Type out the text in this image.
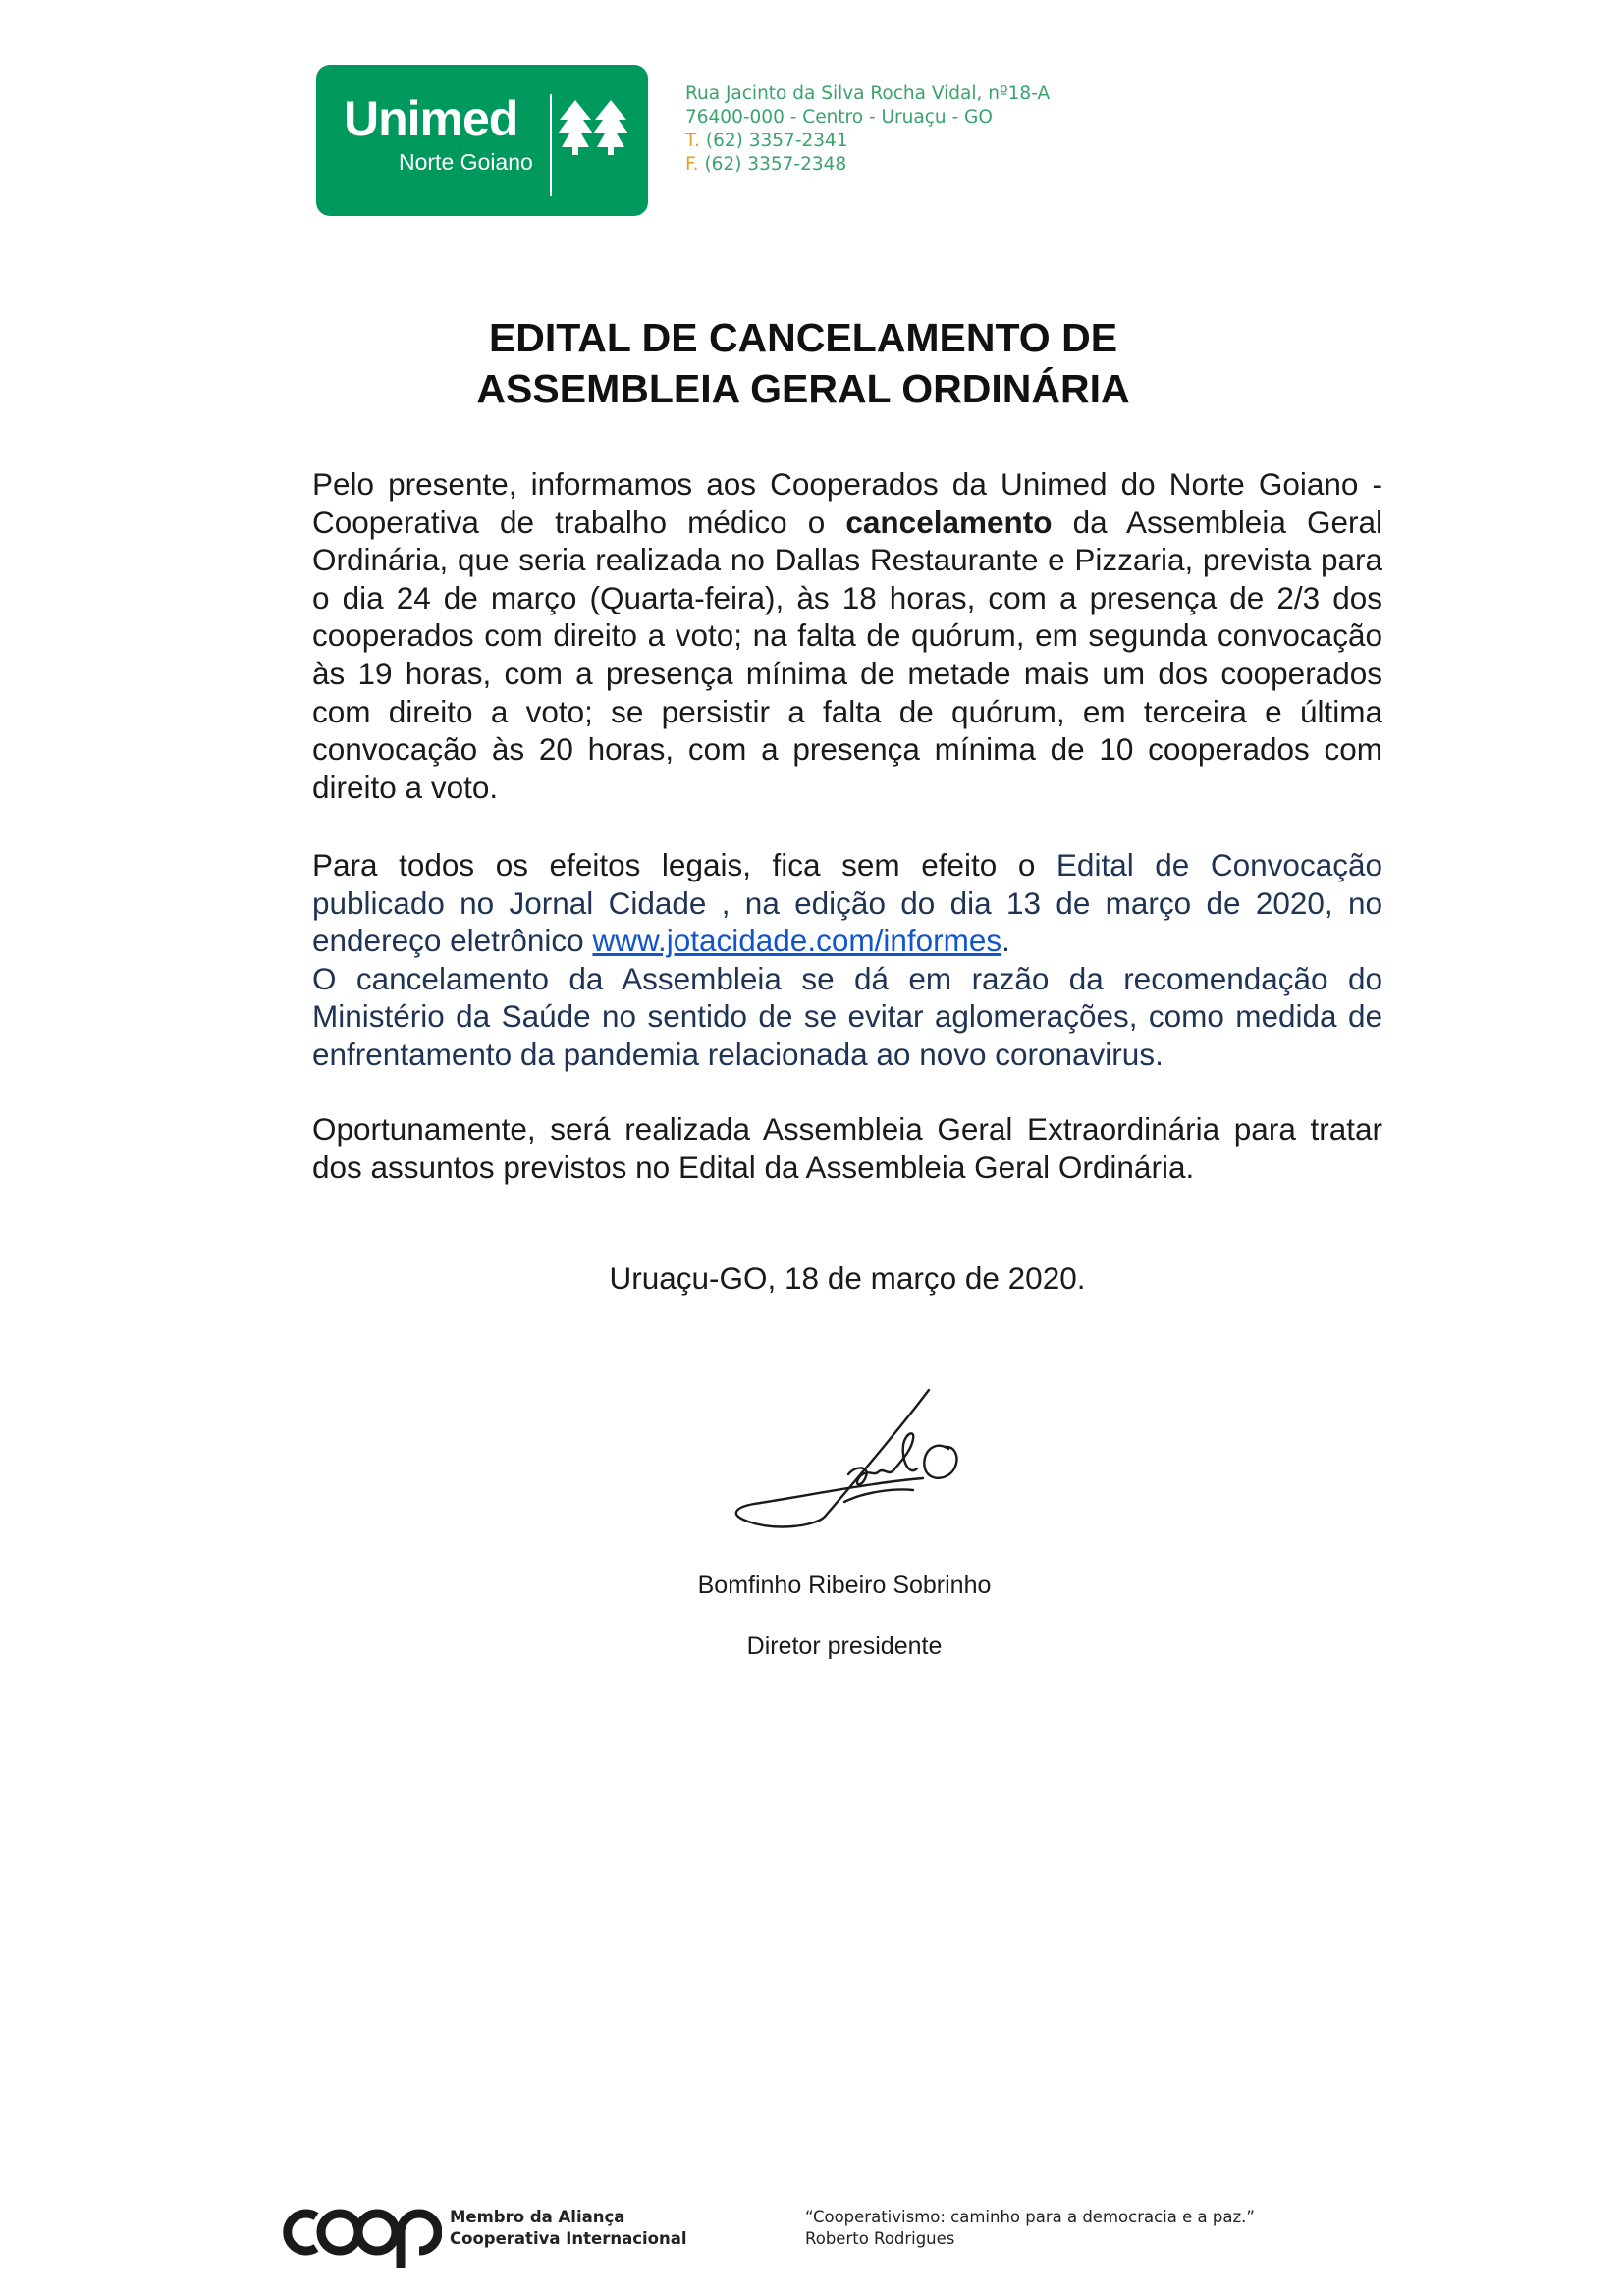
Unimed
Norte Goiano
Rua Jacinto da Silva Rocha Vidal, nº18-A
76400-000 - Centro - Uruaçu - GO
T. (62) 3357-2341
F. (62) 3357-2348
EDITAL DE CANCELAMENTO DE
ASSEMBLEIA GERAL ORDINÁRIA
Pelo presente, informamos aos Cooperados da Unimed do Norte Goiano - Cooperativa de trabalho médico o cancelamento da Assembleia Geral Ordinária, que seria realizada no Dallas Restaurante e Pizzaria, prevista para o dia 24 de março (Quarta-feira), às 18 horas, com a presença de 2/3 dos cooperados com direito a voto; na falta de quórum, em segunda convocação às 19 horas, com a presença mínima de metade mais um dos cooperados com direito a voto; se persistir a falta de quórum, em terceira e última convocação às 20 horas, com a presença mínima de 10 cooperados com direito a voto.
Para todos os efeitos legais, fica sem efeito o Edital de Convocação publicado no Jornal Cidade , na edição do dia 13 de março de 2020, no endereço eletrônico www.jotacidade.com/informes.
O cancelamento da Assembleia se dá em razão da recomendação do Ministério da Saúde no sentido de se evitar aglomerações, como medida de enfrentamento da pandemia relacionada ao novo coronavirus.
Oportunamente, será realizada Assembleia Geral Extraordinária para tratar dos assuntos previstos no Edital da Assembleia Geral Ordinária.
Uruaçu-GO, 18 de março de 2020.
Bomfinho Ribeiro Sobrinho
Diretor presidente
Membro da Aliança
Cooperativa Internacional
“Cooperativismo: caminho para a democracia e a paz.”
Roberto Rodrigues
